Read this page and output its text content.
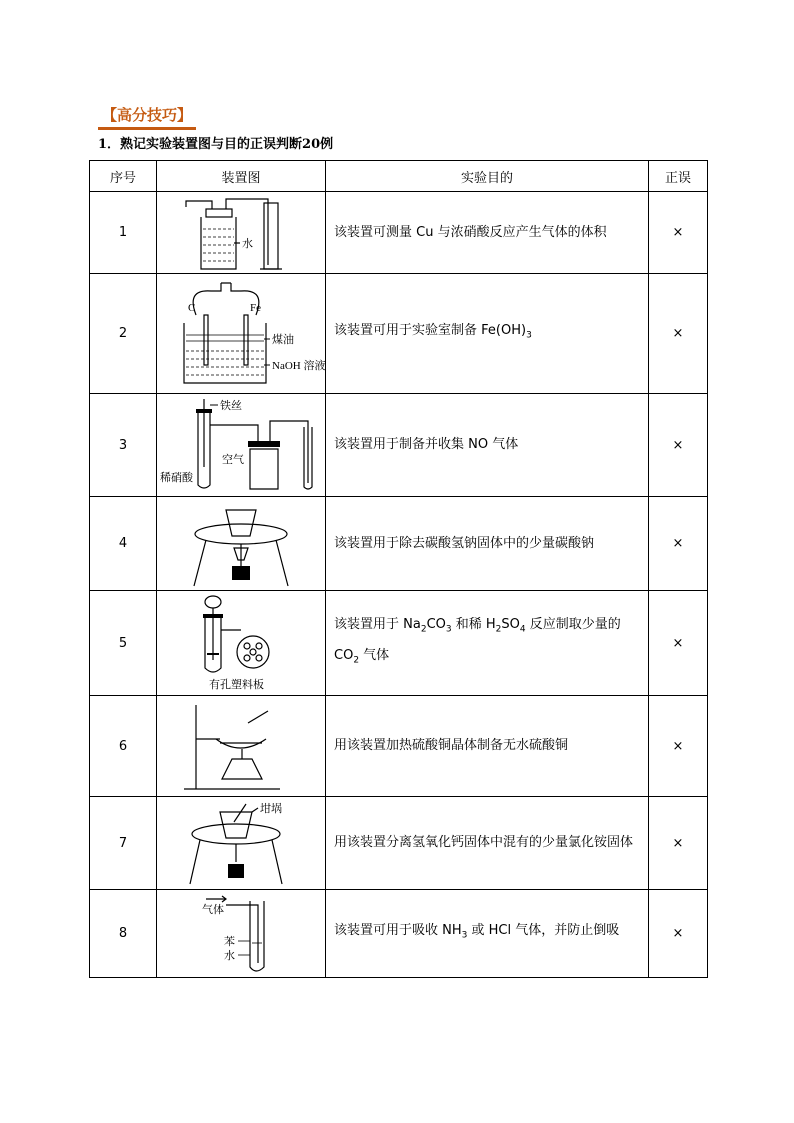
【高分技巧】
1．熟记实验装置图与目的正误判断20例
序号	装置图	实验目的	正误
1	水	该装置可测量 Cu 与浓硝酸反应产生气体的体积	×
2	C Fe
煤油
NaOH 溶液	该装置可用于实验室制备 $Fe(OH)_3$	×
3	铁丝
空气
稀硝酸	该装置用于制备并收集 NO 气体	×
4		该装置用于除去碳酸氢钠固体中的少量碳酸钠	×
5	有孔塑料板	该装置用于 $Na_2CO_3$ 和稀 $H_2SO_4$ 反应制取少量的
$CO_2$ 气体	×
6		用该装置加热硫酸铜晶体制备无水硫酸铜	×
7	坩埚	用该装置分离氢氧化钙固体中混有的少量氯化铵固体	×
8	气体
苯
水	该装置可用于吸收 $NH_3$ 或 HCl 气体，并防止倒吸	×
